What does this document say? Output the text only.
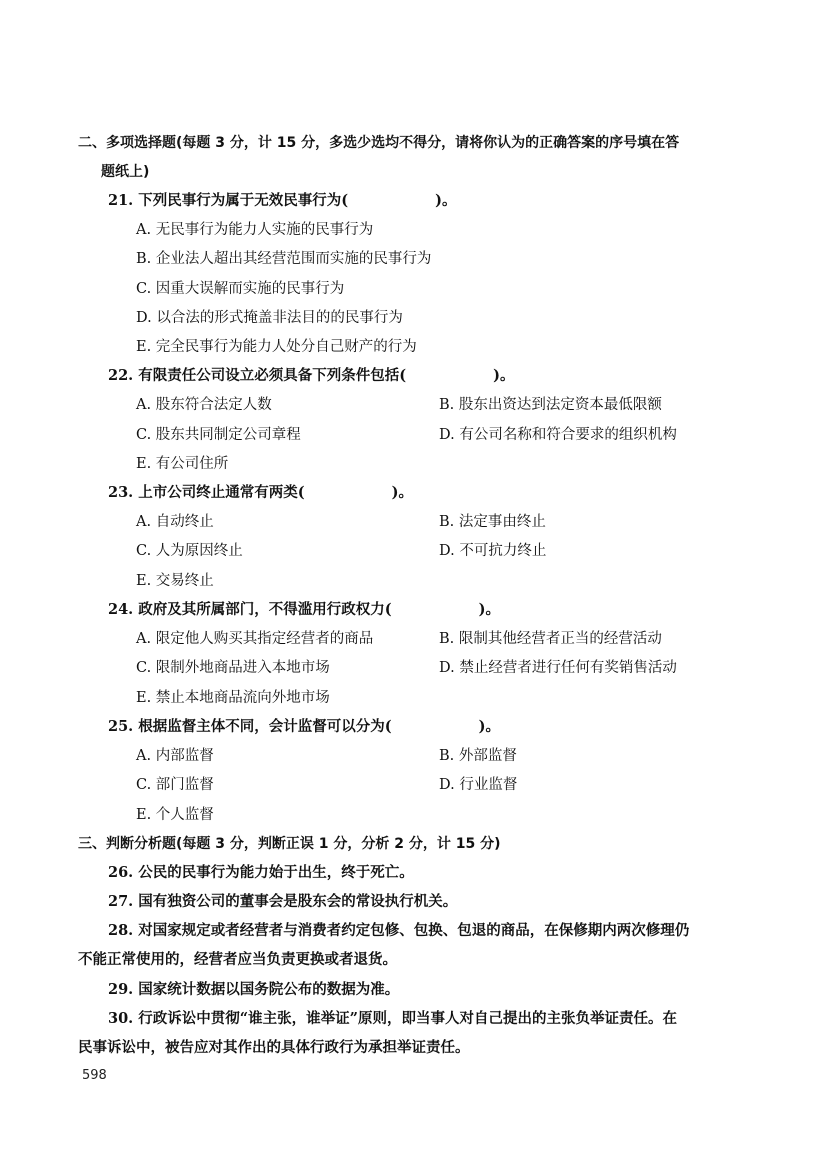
二、多项选择题(每题 3 分，计 15 分，多选少选均不得分，请将你认为的正确答案的序号填在答
题纸上)
21. 下列民事行为属于无效民事行为(　　　　　　)。
A. 无民事行为能力人实施的民事行为
B. 企业法人超出其经营范围而实施的民事行为
C. 因重大误解而实施的民事行为
D. 以合法的形式掩盖非法目的的民事行为
E. 完全民事行为能力人处分自己财产的行为
22. 有限责任公司设立必须具备下列条件包括(　　　　　　)。
A. 股东符合法定人数	B. 股东出资达到法定资本最低限额
C. 股东共同制定公司章程	D. 有公司名称和符合要求的组织机构
E. 有公司住所
23. 上市公司终止通常有两类(　　　　　　)。
A. 自动终止	B. 法定事由终止
C. 人为原因终止	D. 不可抗力终止
E. 交易终止
24. 政府及其所属部门，不得滥用行政权力(　　　　　　)。
A. 限定他人购买其指定经营者的商品	B. 限制其他经营者正当的经营活动
C. 限制外地商品进入本地市场	D. 禁止经营者进行任何有奖销售活动
E. 禁止本地商品流向外地市场
25. 根据监督主体不同，会计监督可以分为(　　　　　　)。
A. 内部监督	B. 外部监督
C. 部门监督	D. 行业监督
E. 个人监督
三、判断分析题(每题 3 分，判断正误 1 分，分析 2 分，计 15 分)
26. 公民的民事行为能力始于出生，终于死亡。
27. 国有独资公司的董事会是股东会的常设执行机关。
28. 对国家规定或者经营者与消费者约定包修、包换、包退的商品，在保修期内两次修理仍
不能正常使用的，经营者应当负责更换或者退货。
29. 国家统计数据以国务院公布的数据为准。
30. 行政诉讼中贯彻“谁主张，谁举证”原则，即当事人对自己提出的主张负举证责任。在
民事诉讼中，被告应对其作出的具体行政行为承担举证责任。
598
